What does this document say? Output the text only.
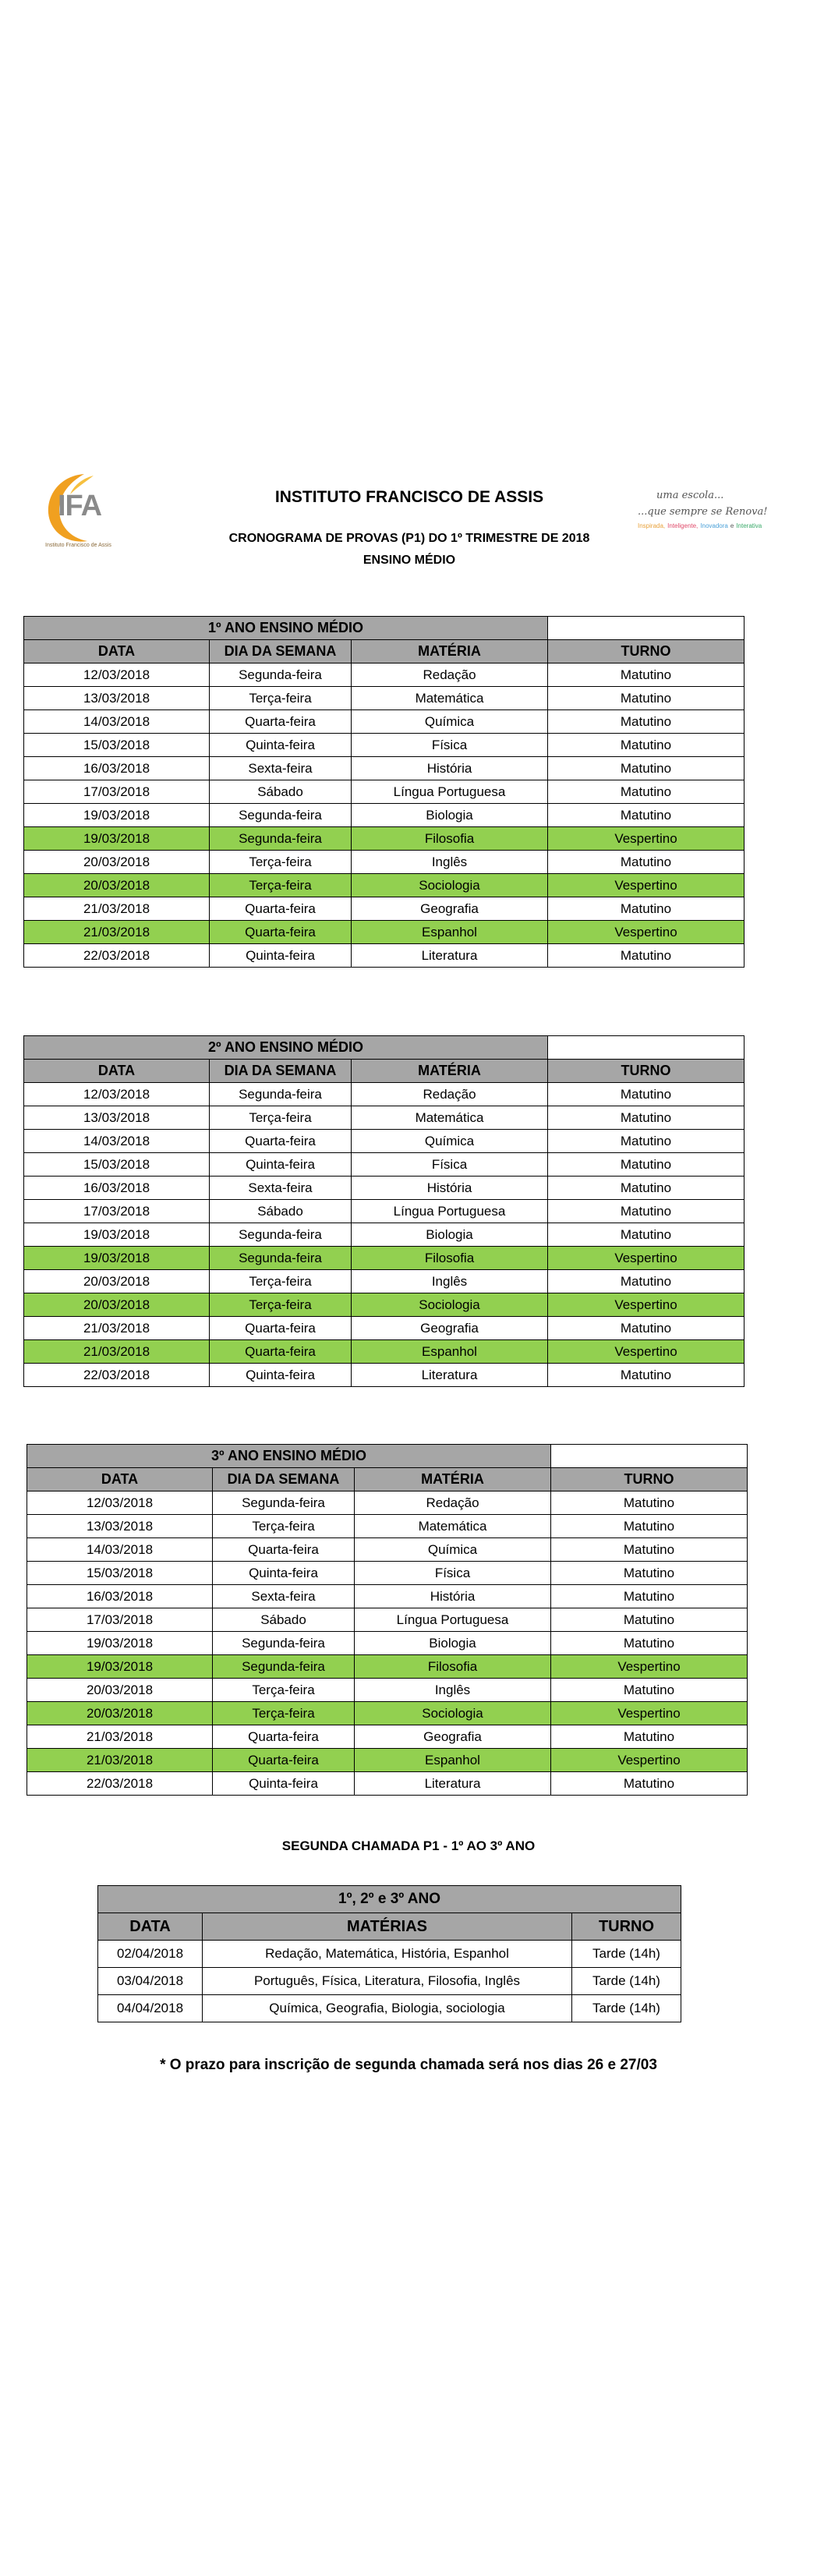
IFA
Instituto Francisco de Assis
INSTITUTO FRANCISCO DE ASSIS
CRONOGRAMA DE PROVAS (P1) DO 1º TRIMESTRE DE 2018
ENSINO MÉDIO
uma escola...
...que sempre se Renova!
Inspirada, Inteligente, Inovadora e Interativa
1º ANO ENSINO MÉDIO			
DATA	DIA DA SEMANA	MATÉRIA	TURNO
12/03/2018	Segunda-feira	Redação	Matutino
13/03/2018	Terça-feira	Matemática	Matutino
14/03/2018	Quarta-feira	Química	Matutino
15/03/2018	Quinta-feira	Física	Matutino
16/03/2018	Sexta-feira	História	Matutino
17/03/2018	Sábado	Língua Portuguesa	Matutino
19/03/2018	Segunda-feira	Biologia	Matutino
19/03/2018	Segunda-feira	Filosofia	Vespertino
20/03/2018	Terça-feira	Inglês	Matutino
20/03/2018	Terça-feira	Sociologia	Vespertino
21/03/2018	Quarta-feira	Geografia	Matutino
21/03/2018	Quarta-feira	Espanhol	Vespertino
22/03/2018	Quinta-feira	Literatura	Matutino
2º ANO ENSINO MÉDIO			
DATA	DIA DA SEMANA	MATÉRIA	TURNO
12/03/2018	Segunda-feira	Redação	Matutino
13/03/2018	Terça-feira	Matemática	Matutino
14/03/2018	Quarta-feira	Química	Matutino
15/03/2018	Quinta-feira	Física	Matutino
16/03/2018	Sexta-feira	História	Matutino
17/03/2018	Sábado	Língua Portuguesa	Matutino
19/03/2018	Segunda-feira	Biologia	Matutino
19/03/2018	Segunda-feira	Filosofia	Vespertino
20/03/2018	Terça-feira	Inglês	Matutino
20/03/2018	Terça-feira	Sociologia	Vespertino
21/03/2018	Quarta-feira	Geografia	Matutino
21/03/2018	Quarta-feira	Espanhol	Vespertino
22/03/2018	Quinta-feira	Literatura	Matutino
3º ANO ENSINO MÉDIO			
DATA	DIA DA SEMANA	MATÉRIA	TURNO
12/03/2018	Segunda-feira	Redação	Matutino
13/03/2018	Terça-feira	Matemática	Matutino
14/03/2018	Quarta-feira	Química	Matutino
15/03/2018	Quinta-feira	Física	Matutino
16/03/2018	Sexta-feira	História	Matutino
17/03/2018	Sábado	Língua Portuguesa	Matutino
19/03/2018	Segunda-feira	Biologia	Matutino
19/03/2018	Segunda-feira	Filosofia	Vespertino
20/03/2018	Terça-feira	Inglês	Matutino
20/03/2018	Terça-feira	Sociologia	Vespertino
21/03/2018	Quarta-feira	Geografia	Matutino
21/03/2018	Quarta-feira	Espanhol	Vespertino
22/03/2018	Quinta-feira	Literatura	Matutino
SEGUNDA CHAMADA P1 - 1º AO 3º ANO
1º, 2º e 3º ANO		
DATA	MATÉRIAS	TURNO
02/04/2018	Redação, Matemática, História, Espanhol	Tarde (14h)
03/04/2018	Português, Física, Literatura, Filosofia, Inglês	Tarde (14h)
04/04/2018	Química, Geografia, Biologia, sociologia	Tarde (14h)
* O prazo para inscrição de segunda chamada será nos dias 26 e 27/03
